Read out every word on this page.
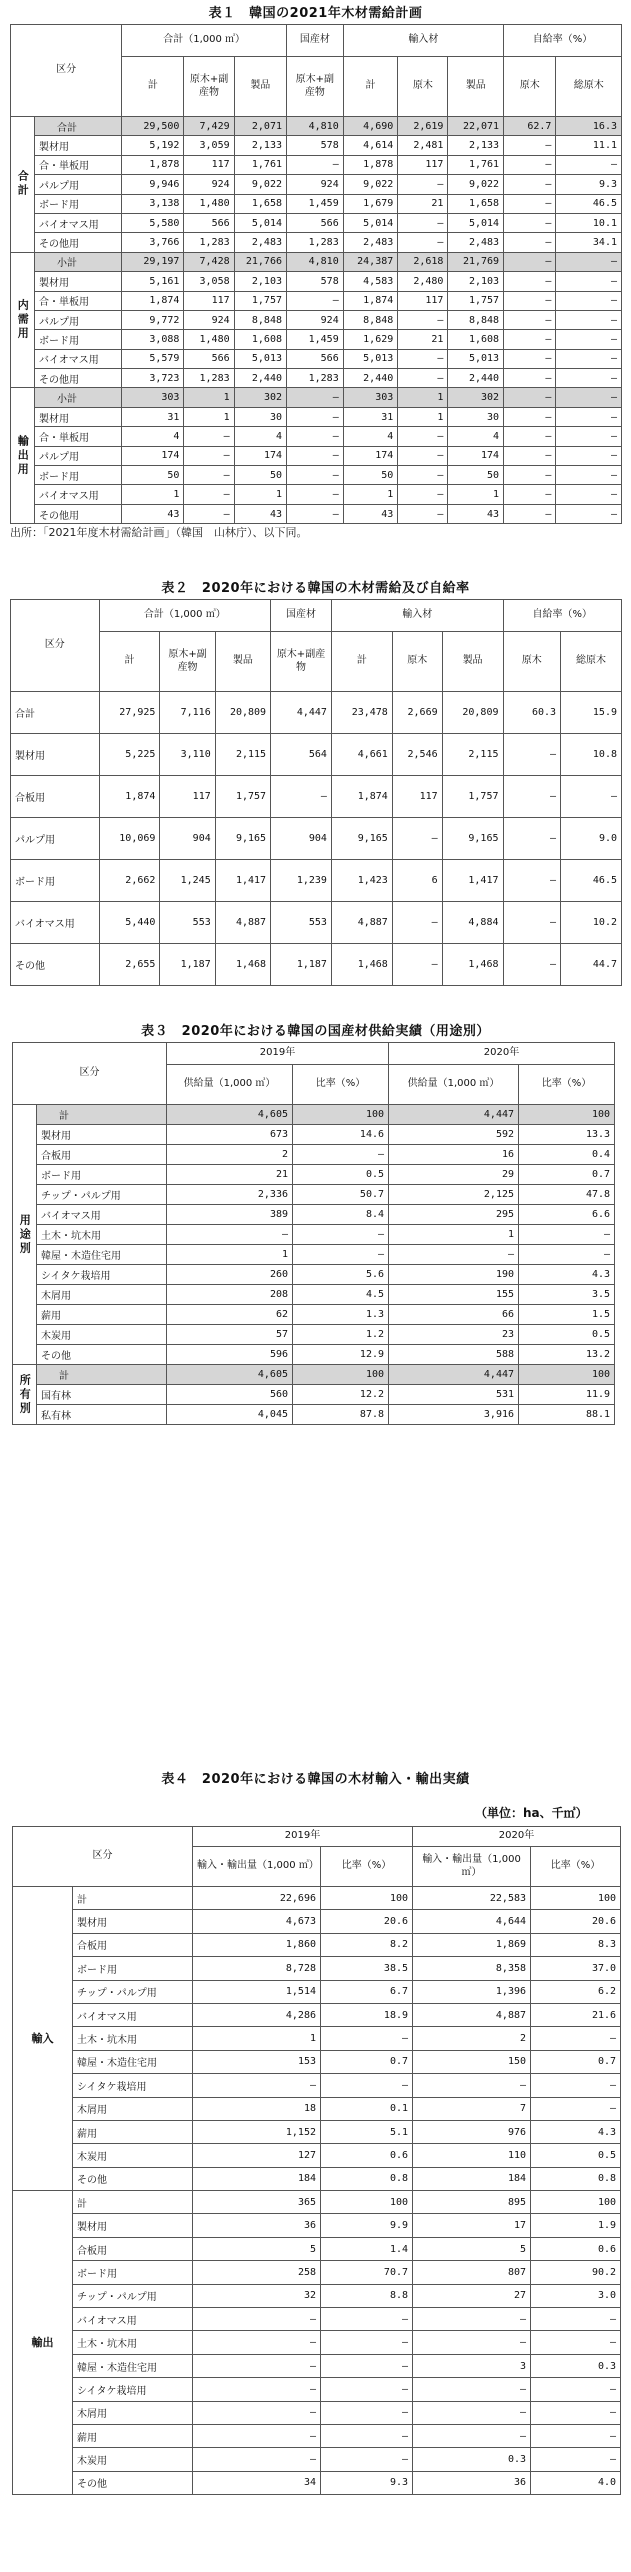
表１　韓国の2021年木材需給計画
区分		合計（1,000 ㎥）			国産材	輸入材			自給率（%）	
		計	原木+副産物	製品	原木+副産物	計	原木	製品	原木	総原木
合計	合計	29,500	7,429	2,071	4,810	4,690	2,619	22,071	62.7	16.3
	製材用	5,192	3,059	2,133	578	4,614	2,481	2,133	–	11.1
	合・単板用	1,878	117	1,761	–	1,878	117	1,761	–	–
	パルプ用	9,946	924	9,022	924	9,022	–	9,022	–	9.3
	ボード用	3,138	1,480	1,658	1,459	1,679	21	1,658	–	46.5
	バイオマス用	5,580	566	5,014	566	5,014	–	5,014	–	10.1
	その他用	3,766	1,283	2,483	1,283	2,483	–	2,483	–	34.1
内需用	小計	29,197	7,428	21,766	4,810	24,387	2,618	21,769	–	–
	製材用	5,161	3,058	2,103	578	4,583	2,480	2,103	–	–
	合・単板用	1,874	117	1,757	–	1,874	117	1,757	–	–
	パルプ用	9,772	924	8,848	924	8,848	–	8,848	–	–
	ボード用	3,088	1,480	1,608	1,459	1,629	21	1,608	–	–
	バイオマス用	5,579	566	5,013	566	5,013	–	5,013	–	–
	その他用	3,723	1,283	2,440	1,283	2,440	–	2,440	–	–
輸出用	小計	303	1	302	–	303	1	302	–	–
	製材用	31	1	30	–	31	1	30	–	–
	合・単板用	4	–	4	–	4	–	4	–	–
	パルプ用	174	–	174	–	174	–	174	–	–
	ボード用	50	–	50	–	50	–	50	–	–
	バイオマス用	1	–	1	–	1	–	1	–	–
	その他用	43	–	43	–	43	–	43	–	–
出所：「2021年度木材需給計画」（韓国　山林庁）、以下同。
表２　2020年における韓国の木材需給及び自給率
区分	合計（1,000 ㎥）			国産材	輸入材			自給率（%）	
	計	原木+副産物	製品	原木+副産物	計	原木	製品	原木	総原木
合計	27,925	7,116	20,809	4,447	23,478	2,669	20,809	60.3	15.9
製材用	5,225	3,110	2,115	564	4,661	2,546	2,115	–	10.8
合板用	1,874	117	1,757	–	1,874	117	1,757	–	–
パルプ用	10,069	904	9,165	904	9,165	–	9,165	–	9.0
ボード用	2,662	1,245	1,417	1,239	1,423	6	1,417	–	46.5
バイオマス用	5,440	553	4,887	553	4,887	–	4,884	–	10.2
その他	2,655	1,187	1,468	1,187	1,468	–	1,468	–	44.7
表３　2020年における韓国の国産材供給実績（用途別）
区分		2019年		2020年	
		供給量（1,000 ㎥）	比率（%）	供給量（1,000 ㎥）	比率（%）
用途別	計	4,605	100	4,447	100
	製材用	673	14.6	592	13.3
	合板用	2	–	16	0.4
	ボード用	21	0.5	29	0.7
	チップ・パルプ用	2,336	50.7	2,125	47.8
	バイオマス用	389	8.4	295	6.6
	土木・坑木用	–	–	1	–
	韓屋・木造住宅用	1	–	–	–
	シイタケ栽培用	260	5.6	190	4.3
	木屑用	208	4.5	155	3.5
	薪用	62	1.3	66	1.5
	木炭用	57	1.2	23	0.5
	その他	596	12.9	588	13.2
所有別	計	4,605	100	4,447	100
	国有林	560	12.2	531	11.9
	私有林	4,045	87.8	3,916	88.1
表４　2020年における韓国の木材輸入・輸出実績
（単位：ha、千㎥）
区分		2019年		2020年	
		輸入・輸出量（1,000 ㎥）	比率（%）	輸入・輸出量（1,000 ㎥）	比率（%）
輸入	計	22,696	100	22,583	100
	製材用	4,673	20.6	4,644	20.6
	合板用	1,860	8.2	1,869	8.3
	ボード用	8,728	38.5	8,358	37.0
	チップ・パルプ用	1,514	6.7	1,396	6.2
	バイオマス用	4,286	18.9	4,887	21.6
	土木・坑木用	1	–	2	–
	韓屋・木造住宅用	153	0.7	150	0.7
	シイタケ栽培用	–	–	–	–
	木屑用	18	0.1	7	–
	薪用	1,152	5.1	976	4.3
	木炭用	127	0.6	110	0.5
	その他	184	0.8	184	0.8
輸出	計	365	100	895	100
	製材用	36	9.9	17	1.9
	合板用	5	1.4	5	0.6
	ボード用	258	70.7	807	90.2
	チップ・パルプ用	32	8.8	27	3.0
	バイオマス用	–	–	–	–
	土木・坑木用	–	–	–	–
	韓屋・木造住宅用	–	–	3	0.3
	シイタケ栽培用	–	–	–	–
	木屑用	–	–	–	–
	薪用	–	–	–	–
	木炭用	–	–	0.3	–
	その他	34	9.3	36	4.0
